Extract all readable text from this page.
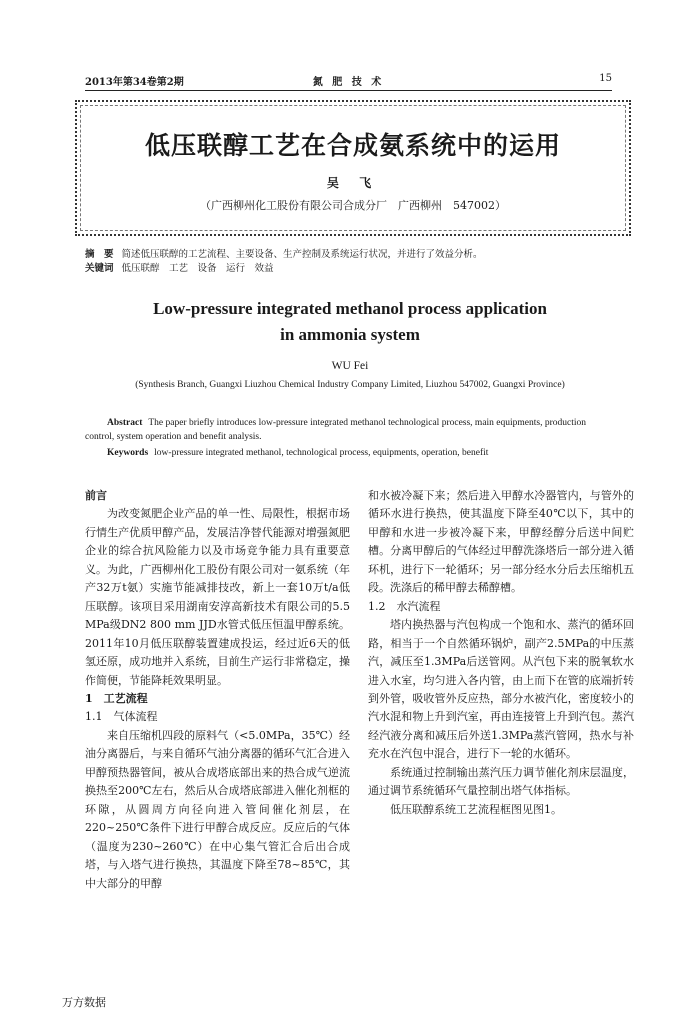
2013年第34卷第2期	氮 肥 技 术	15
低压联醇工艺在合成氨系统中的运用
吴 飞
（广西柳州化工股份有限公司合成分厂　广西柳州　547002）
摘　要 简述低压联醇的工艺流程、主要设备、生产控制及系统运行状况，并进行了效益分析。
关键词 低压联醇　工艺　设备　运行　效益
Low-pressure integrated methanol process application
in ammonia system
WU Fei
(Synthesis Branch, Guangxi Liuzhou Chemical Industry Company Limited, Liuzhou 547002, Guangxi Province)
Abstract The paper briefly introduces low-pressure integrated methanol technological process, main equipments, production control, system operation and benefit analysis.
Keywords low-pressure integrated methanol, technological process, equipments, operation, benefit

前言

为改变氮肥企业产品的单一性、局限性，根据市场行情生产优质甲醇产品，发展洁净替代能源对增强氮肥企业的综合抗风险能力以及市场竞争能力具有重要意义。为此，广西柳州化工股份有限公司对一氨系统（年产32万t氨）实施节能减排技改，新上一套10万t/a低压联醇。该项目采用湖南安淳高新技术有限公司的5.5 MPa级DN2 800 mm JJD水管式低压恒温甲醇系统。2011年10月低压联醇装置建成投运，经过近6天的低氢还原，成功地并入系统，目前生产运行非常稳定，操作简便，节能降耗效果明显。

1　工艺流程

1.1　气体流程

来自压缩机四段的原料气（<5.0MPa，35℃）经油分离器后，与来自循环气油分离器的循环气汇合进入甲醇预热器管间，被从合成塔底部出来的热合成气逆流换热至200℃左右，然后从合成塔底部进入催化剂框的环隙，从圆周方向径向进入管间催化剂层，在220~250℃条件下进行甲醇合成反应。反应后的气体（温度为230~260℃）在中心集气管汇合后出合成塔，与入塔气进行换热，其温度下降至78~85℃，其中大部分的甲醇

和水被冷凝下来；然后进入甲醇水冷器管内，与管外的循环水进行换热，使其温度下降至40℃以下，其中的甲醇和水进一步被冷凝下来，甲醇经醇分后送中间贮槽。分离甲醇后的气体经过甲醇洗涤塔后一部分进入循环机，进行下一轮循环；另一部分经水分后去压缩机五段。洗涤后的稀甲醇去稀醇槽。

1.2　水汽流程

塔内换热器与汽包构成一个饱和水、蒸汽的循环回路，相当于一个自然循环锅炉，副产2.5MPa的中压蒸汽，减压至1.3MPa后送管网。从汽包下来的脱氧软水进入水室，均匀进入各内管，由上而下在管的底端折转到外管，吸收管外反应热，部分水被汽化，密度较小的汽水混和物上升到汽室，再由连接管上升到汽包。蒸汽经汽液分离和减压后外送1.3MPa蒸汽管网，热水与补充水在汽包中混合，进行下一轮的水循环。

系统通过控制输出蒸汽压力调节催化剂床层温度，通过调节系统循环气量控制出塔气体指标。

低压联醇系统工艺流程框图见图1。

万方数据
